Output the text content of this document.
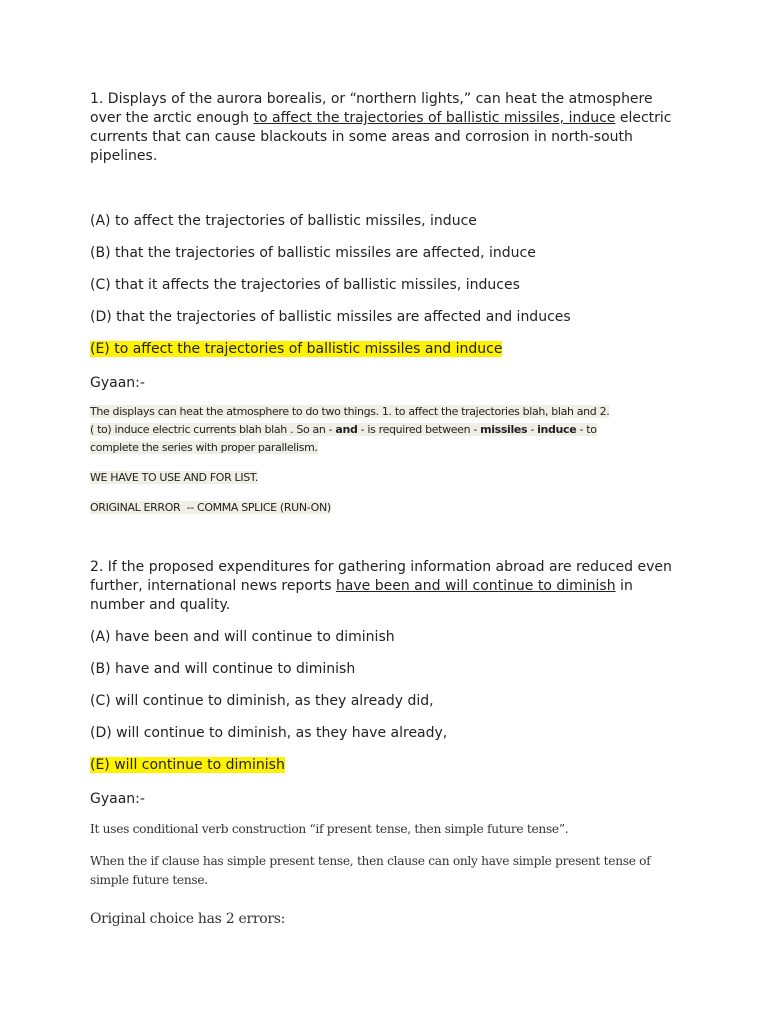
1. Displays of the aurora borealis, or “northern lights,” can heat the atmosphere over the arctic enough to affect the trajectories of ballistic missiles, induce electric currents that can cause blackouts in some areas and corrosion in north-south pipelines.

(A) to affect the trajectories of ballistic missiles, induce
(B) that the trajectories of ballistic missiles are affected, induce
(C) that it affects the trajectories of ballistic missiles, induces
(D) that the trajectories of ballistic missiles are affected and induces
(E) to affect the trajectories of ballistic missiles and induce
Gyaan:-
The displays can heat the atmosphere to do two things. 1. to affect the trajectories blah, blah and 2.
( to) induce electric currents blah blah . So an - and - is required between - missiles - induce - to
complete the series with proper parallelism.
WE HAVE TO USE AND FOR LIST.
ORIGINAL ERROR  -- COMMA SPLICE (RUN-ON)

2. If the proposed expenditures for gathering information abroad are reduced even further, international news reports have been and will continue to diminish in number and quality.

(A) have been and will continue to diminish
(B) have and will continue to diminish
(C) will continue to diminish, as they already did,
(D) will continue to diminish, as they have already,
(E) will continue to diminish
Gyaan:-
It uses conditional verb construction “if present tense, then simple future tense”.
When the if clause has simple present tense, then clause can only have simple present tense of simple future tense.
Original choice has 2 errors:
